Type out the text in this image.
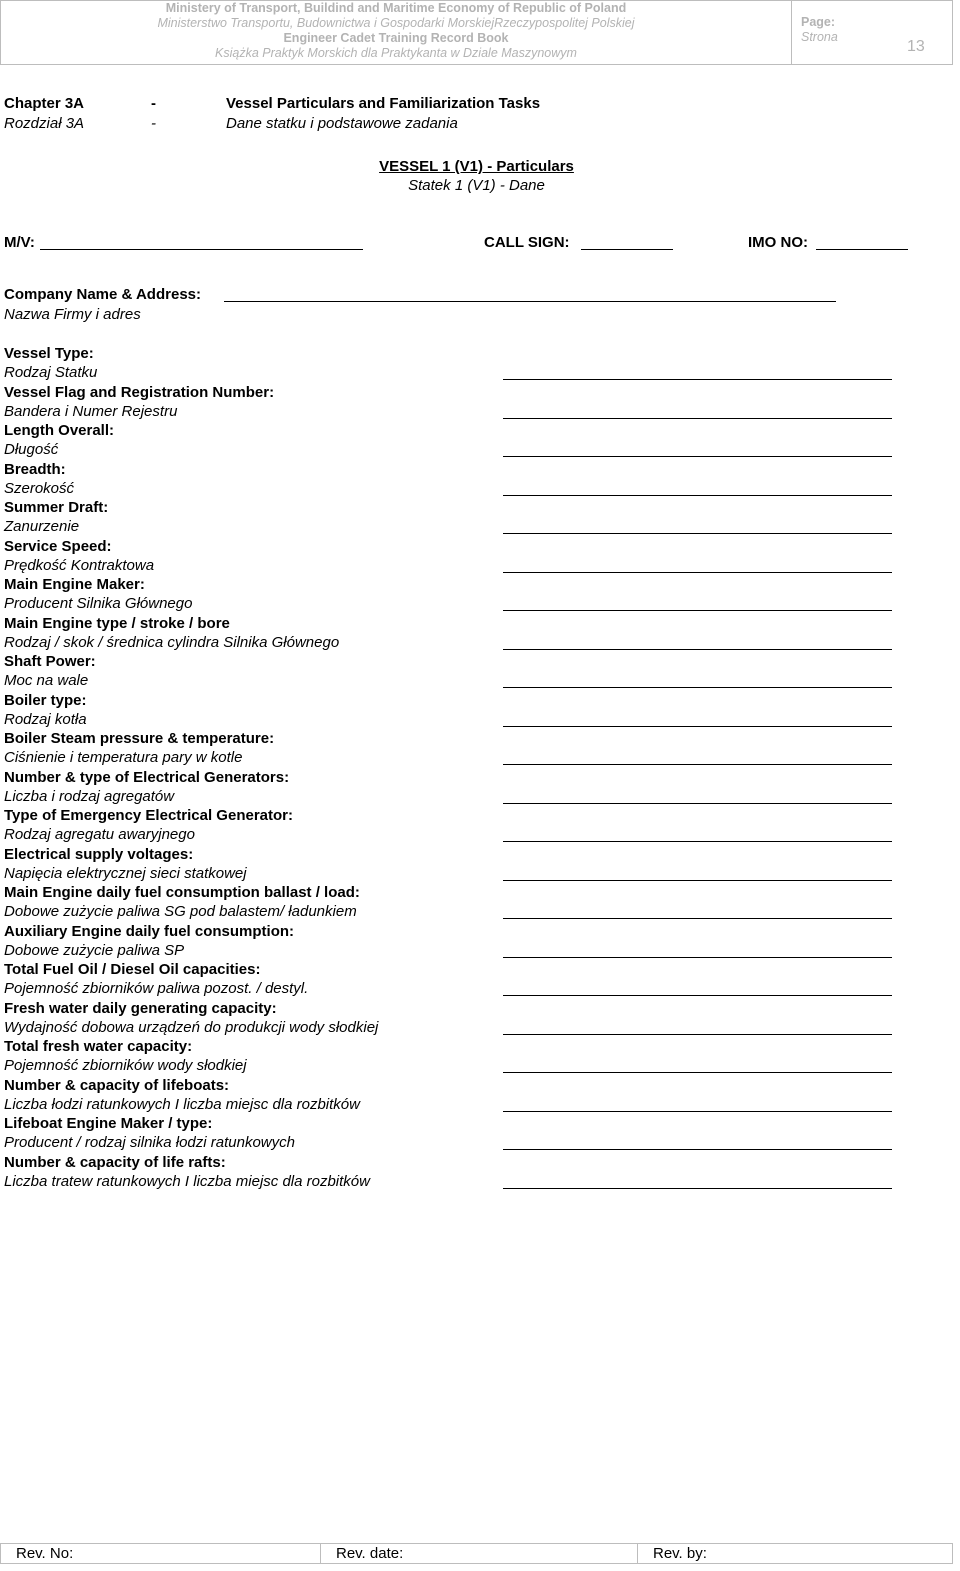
Ministery of Transport, Buildind and Maritime Economy of Republic of Poland
Ministerstwo Transportu, Budownictwa i Gospodarki MorskiejRzeczypospolitej Polskiej
Engineer Cadet Training Record Book
Książka Praktyk Morskich dla Praktykanta w Dziale Maszynowym
Page:
Strona
13
Chapter 3A	-	Vessel Particulars and Familiarization Tasks
Rozdział 3A	-	Dane statku i podstawowe zadania
VESSEL 1 (V1) - Particulars
Statek 1 (V1) - Dane
M/V:	CALL SIGN:	IMO NO:
Company Name & Address:
Nazwa Firmy i adres
Vessel Type:
Rodzaj Statku
Vessel Flag and Registration Number:
Bandera i Numer Rejestru
Length Overall:
Długość
Breadth:
Szerokość
Summer Draft:
Zanurzenie
Service Speed:
Prędkość Kontraktowa
Main Engine Maker:
Producent Silnika Głównego
Main Engine type / stroke / bore
Rodzaj / skok / średnica cylindra Silnika Głównego
Shaft Power:
Moc na wale
Boiler type:
Rodzaj kotła
Boiler Steam pressure & temperature:
Ciśnienie i temperatura pary w kotle
Number & type of Electrical Generators:
Liczba i rodzaj agregatów
Type of Emergency Electrical Generator:
Rodzaj agregatu awaryjnego
Electrical supply voltages:
Napięcia elektrycznej sieci statkowej
Main Engine daily fuel consumption ballast / load:
Dobowe zużycie paliwa SG pod balastem/ ładunkiem
Auxiliary Engine daily fuel consumption:
Dobowe zużycie paliwa SP
Total Fuel Oil / Diesel Oil capacities:
Pojemność zbiorników paliwa pozost. / destyl.
Fresh water daily generating capacity:
Wydajność dobowa urządzeń do produkcji wody słodkiej
Total fresh water capacity:
Pojemność zbiorników wody słodkiej
Number & capacity of lifeboats:
Liczba łodzi ratunkowych I liczba miejsc dla rozbitków
Lifeboat Engine Maker / type:
Producent / rodzaj silnika łodzi ratunkowych
Number & capacity of life rafts:
Liczba tratew ratunkowych I liczba miejsc dla rozbitków
Rev. No:	Rev. date:	Rev. by:
